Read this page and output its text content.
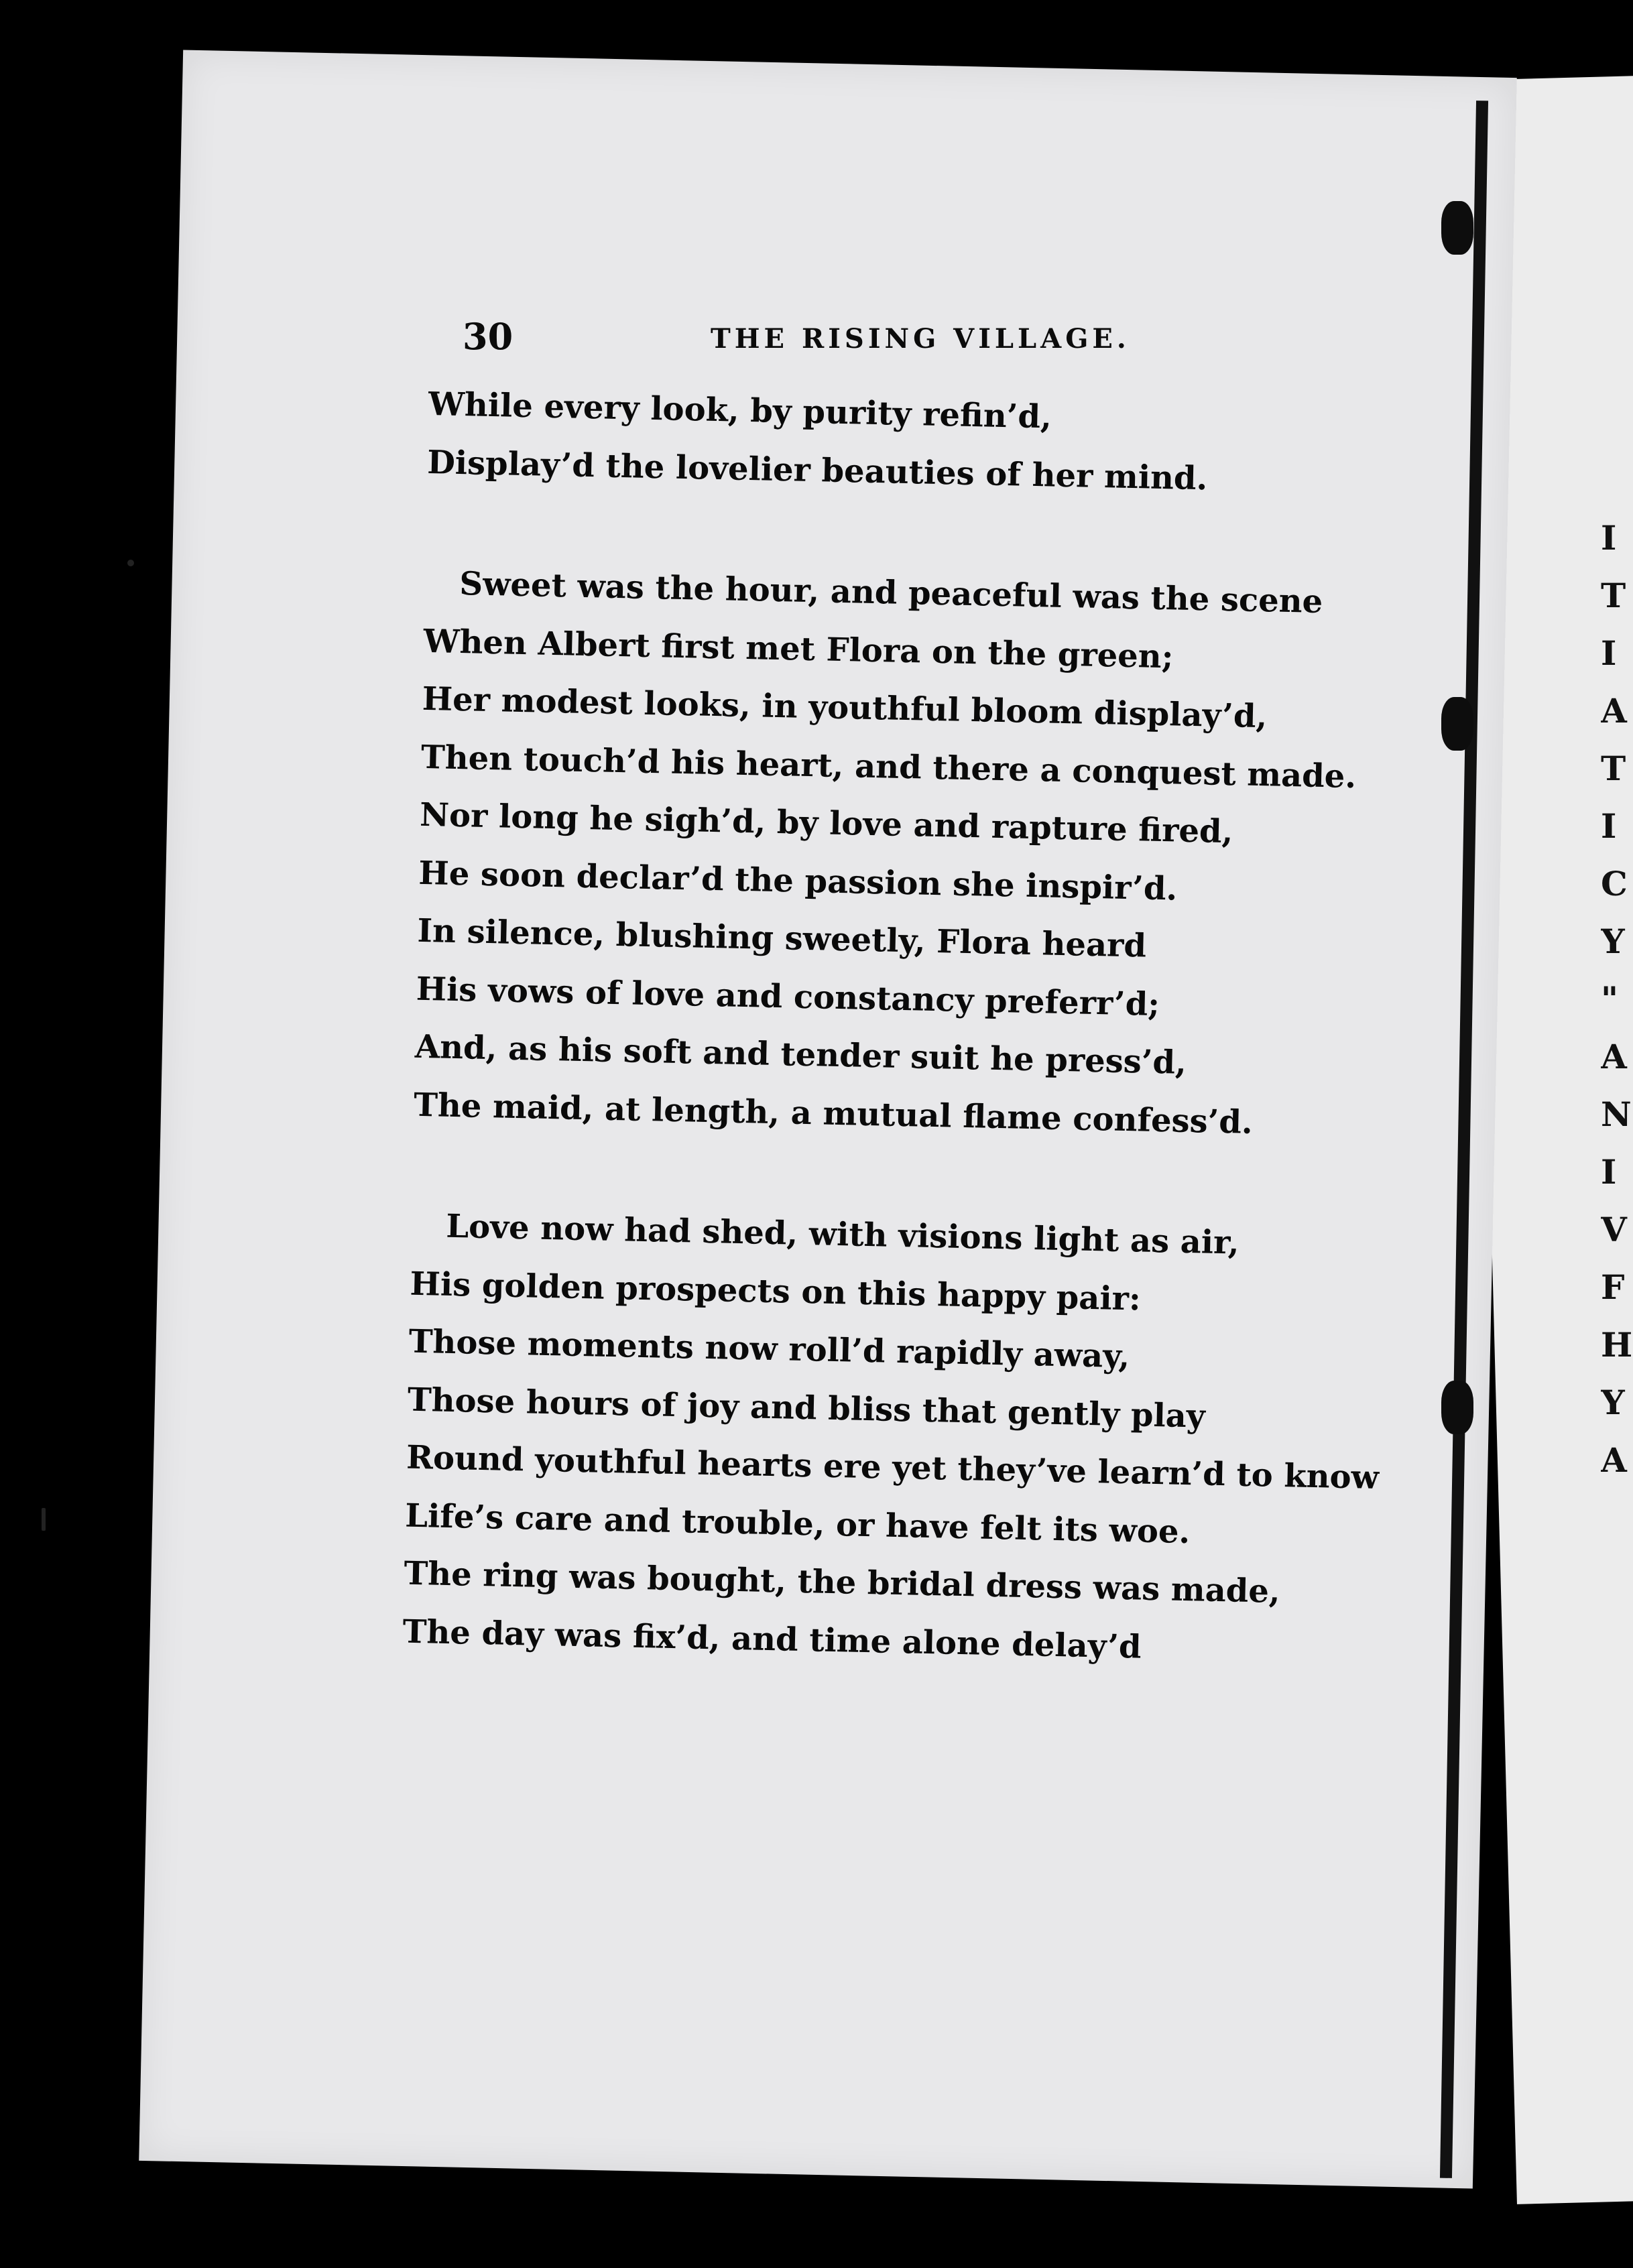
30	THE RISING VILLAGE.
While every look, by purity refin’d,
Display’d the lovelier beauties of her mind.
Sweet was the hour, and peaceful was the scene
When Albert first met Flora on the green;
Her modest looks, in youthful bloom display’d,
Then touch’d his heart, and there a conquest made.
Nor long he sigh’d, by love and rapture fired,
He soon declar’d the passion she inspir’d.
In silence, blushing sweetly, Flora heard
His vows of love and constancy preferr’d;
And, as his soft and tender suit he press’d,
The maid, at length, a mutual flame confess’d.
Love now had shed, with visions light as air,
His golden prospects on this happy pair:
Those moments now roll’d rapidly away,
Those hours of joy and bliss that gently play
Round youthful hearts ere yet they’ve learn’d to know
Life’s care and trouble, or have felt its woe.
The ring was bought, the bridal dress was made,
The day was fix’d, and time alone delay’d
I
T
I
A
T
I
C
Y
"
A
N
I
V
F
H
Y
A
